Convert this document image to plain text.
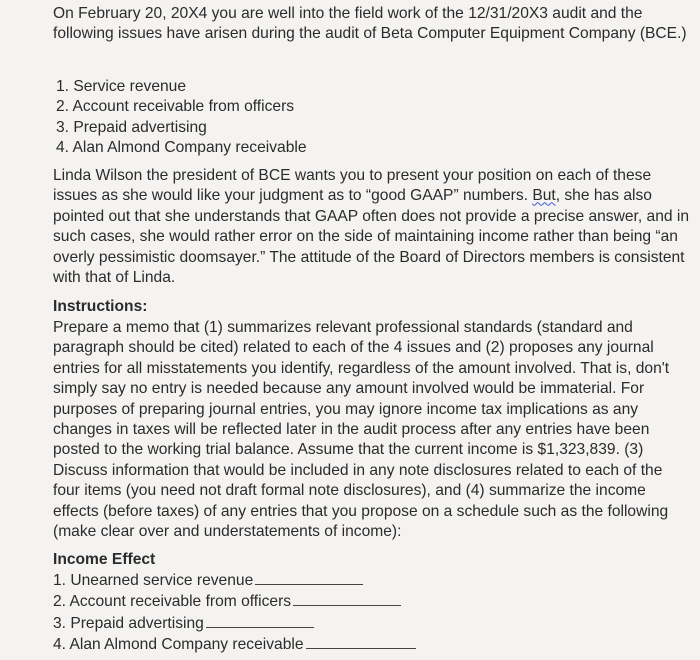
On February 20, 20X4 you are well into the field work of the 12/31/20X3 audit and the following issues have arisen during the audit of Beta Computer Equipment Company (BCE.)
1. Service revenue
2. Account receivable from officers
3. Prepaid advertising
4. Alan Almond Company receivable
Linda Wilson the president of BCE wants you to present your position on each of these issues as she would like your judgment as to “good GAAP” numbers. But, she has also pointed out that she understands that GAAP often does not provide a precise answer, and in such cases, she would rather error on the side of maintaining income rather than being “an overly pessimistic doomsayer.” The attitude of the Board of Directors members is consistent with that of Linda.
Instructions:
Prepare a memo that (1) summarizes relevant professional standards (standard and paragraph should be cited) related to each of the 4 issues and (2) proposes any journal entries for all misstatements you identify, regardless of the amount involved. That is, don't simply say no entry is needed because any amount involved would be immaterial. For purposes of preparing journal entries, you may ignore income tax implications as any changes in taxes will be reflected later in the audit process after any entries have been posted to the working trial balance. Assume that the current income is $1,323,839. (3) Discuss information that would be included in any note disclosures related to each of the four items (you need not draft formal note disclosures), and (4) summarize the income effects (before taxes) of any entries that you propose on a schedule such as the following (make clear over and understatements of income):
Income Effect
1. Unearned service revenue
2. Account receivable from officers
3. Prepaid advertising
4. Alan Almond Company receivable
